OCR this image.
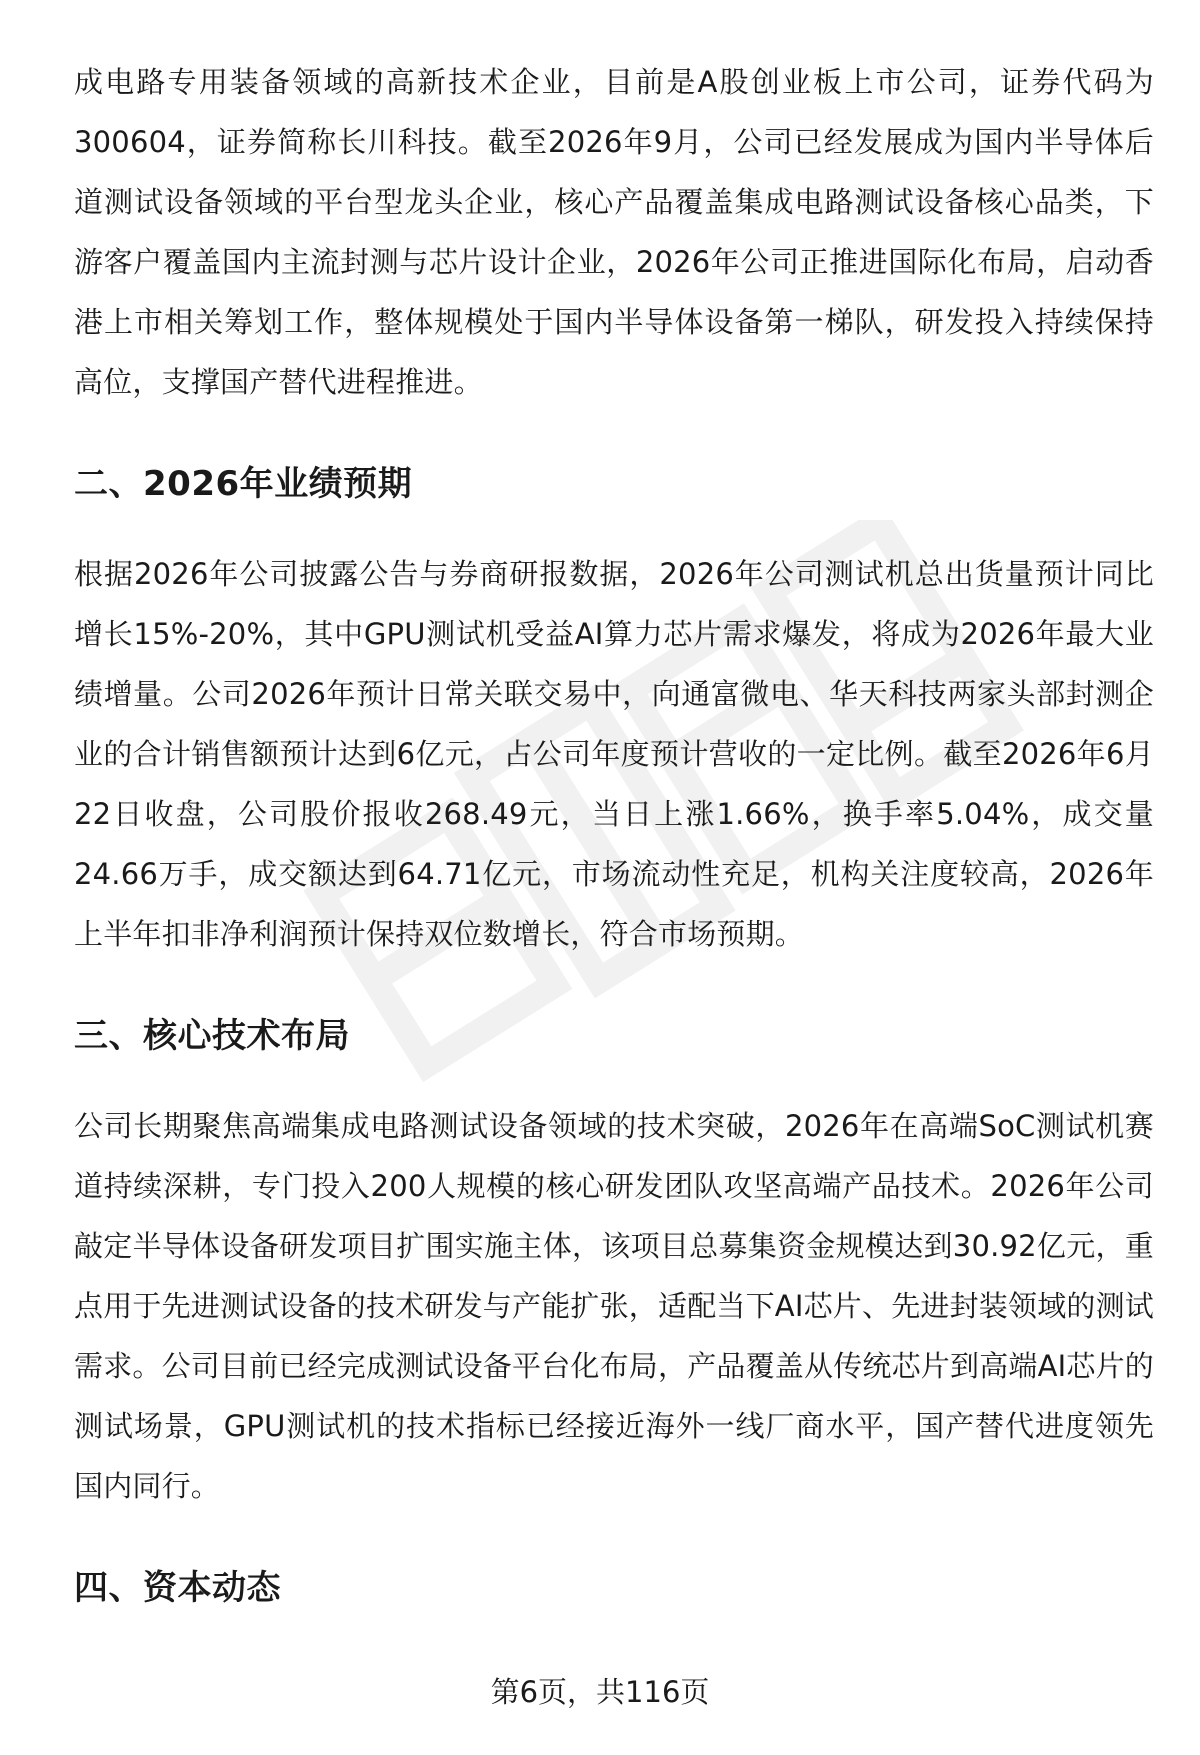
成电路专用装备领域的高新技术企业，目前是A股创业板上市公司，证券代码为300604，证券简称长川科技。截至2026年9月，公司已经发展成为国内半导体后道测试设备领域的平台型龙头企业，核心产品覆盖集成电路测试设备核心品类，下游客户覆盖国内主流封测与芯片设计企业，2026年公司正推进国际化布局，启动香港上市相关筹划工作，整体规模处于国内半导体设备第一梯队，研发投入持续保持高位，支撑国产替代进程推进。

二、2026年业绩预期

根据2026年公司披露公告与券商研报数据，2026年公司测试机总出货量预计同比增长15%-20%，其中GPU测试机受益AI算力芯片需求爆发，将成为2026年最大业绩增量。公司2026年预计日常关联交易中，向通富微电、华天科技两家头部封测企业的合计销售额预计达到6亿元，占公司年度预计营收的一定比例。截至2026年6月22日收盘，公司股价报收268.49元，当日上涨1.66%，换手率5.04%，成交量24.66万手，成交额达到64.71亿元，市场流动性充足，机构关注度较高，2026年上半年扣非净利润预计保持双位数增长，符合市场预期。

三、核心技术布局

公司长期聚焦高端集成电路测试设备领域的技术突破，2026年在高端SoC测试机赛道持续深耕，专门投入200人规模的核心研发团队攻坚高端产品技术。2026年公司敲定半导体设备研发项目扩围实施主体，该项目总募集资金规模达到30.92亿元，重点用于先进测试设备的技术研发与产能扩张，适配当下AI芯片、先进封装领域的测试需求。公司目前已经完成测试设备平台化布局，产品覆盖从传统芯片到高端AI芯片的测试场景，GPU测试机的技术指标已经接近海外一线厂商水平，国产替代进度领先国内同行。

四、资本动态
第6页，共116页
